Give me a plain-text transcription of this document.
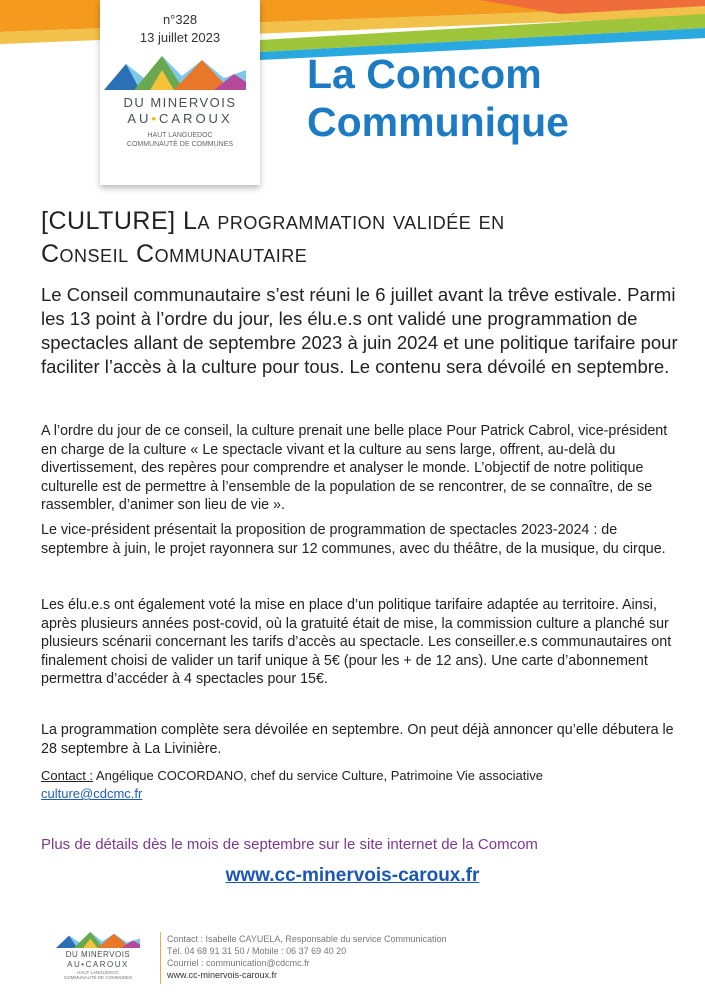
n°328
13 juillet 2023
DU MINERVOIS
AU•CAROUX
HAUT LANGUEDOC
COMMUNAUTÉ DE COMMUNES
La Comcom
Communique
[CULTURE] La programmation validée en
Conseil Communautaire

Le Conseil communautaire s’est réuni le 6 juillet avant la trêve estivale. Parmi les 13 point à l’ordre du jour, les élu.e.s ont validé une programmation de spectacles allant de septembre 2023 à juin 2024 et une politique tarifaire pour faciliter l’accès à la culture pour tous. Le contenu sera dévoilé en septembre.

A l’ordre du jour de ce conseil, la culture prenait une belle place Pour Patrick Cabrol, vice-président en charge de la culture « Le spectacle vivant et la culture au sens large, offrent, au-delà du divertissement, des repères pour comprendre et analyser le monde. L’objectif de notre politique culturelle est de permettre à l’ensemble de la population de se rencontrer, de se connaître, de se rassembler, d’animer son lieu de vie ».

Le vice-président présentait la proposition de programmation de spectacles 2023-2024 : de septembre à juin, le projet rayonnera sur 12 communes, avec du théâtre, de la musique, du cirque.

Les élu.e.s ont également voté la mise en place d’un politique tarifaire adaptée au territoire. Ainsi, après plusieurs années post-covid, où la gratuité était de mise, la commission culture a planché sur plusieurs scénarii concernant les tarifs d’accès au spectacle. Les conseiller.e.s communautaires ont finalement choisi de valider un tarif unique à 5€ (pour les + de 12 ans). Une carte d’abonnement permettra d’accéder à 4 spectacles pour 15€.

La programmation complète sera dévoilée en septembre. On peut déjà annoncer qu’elle débutera le 28 septembre à La Livinière.

Contact : Angélique COCORDANO, chef du service Culture, Patrimoine Vie associative
culture@cdcmc.fr
Plus de détails dès le mois de septembre sur le site internet de la Comcom
www.cc-minervois-caroux.fr
DU MINERVOIS
AU•CAROUX
HAUT LANGUEDOC
COMMUNAUTÉ DE COMMUNES
Contact : Isabelle CAYUELA, Responsable du service Communication
Tél. 04 68 91 31 50 / Mobile : 06 37 69 40 20
Courriel : communication@cdcmc.fr
www.cc-minervois-caroux.fr
